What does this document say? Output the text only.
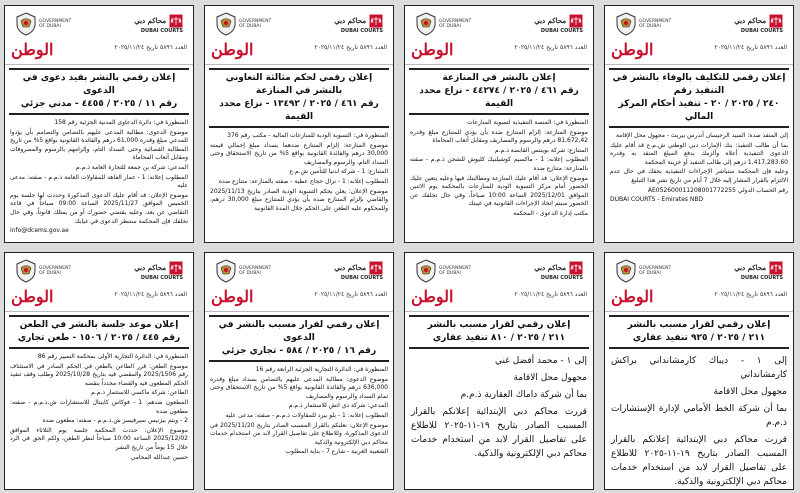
GOVERNMENT OF DUBAI
محاكم دبي
DUBAI COURTS
العدد ٥٨٩٦ تاريخ ٢٠٢٥/١١/٢٤
الوطن
إعلان رقمي للتكليف بالوفاء بالنشر في التنفيذ رقم
٢٤٠ / ٢٠٢٥ / ٢٠ - تنفيذ أحكام المركز المالي

إلى المنفذ ضده: السيد الرجيسان آندرس بيريث - مجهول محل الإقامة

بما أن طالب التنفيذ: بنك الإمارات دبي الوطني ش.م.ع قد أقام عليك الدعوى التنفيذية أعلاه وألزمك بدفع المبلغ المنفذ به وقدره 1,417,283.60 درهم إلى طالب التنفيذ أو خزينة المحكمة

وعليه فإن المحكمة ستباشر الإجراءات التنفيذية بحقك في حال عدم الالتزام بالقرار المشار إليه خلال 7 أيام من تاريخ نشر هذا التبليغ

رقم الحساب الدولي AE052600011208001772255

DUBAI COURTS - Emirates NBD

GOVERNMENT OF DUBAI
محاكم دبي
DUBAI COURTS
العدد ٥٨٩٦ تاريخ ٢٠٢٥/١١/٢٤
الوطن
إعلان بالنشر في المنازعة
رقم ٤٦١ / ٢٠٢٥ / ٤٤٢٧٤ - نزاع محدد القيمة

المنظورة في: المنصة التنفيذية لتسوية المنازعات

موضوع المنازعة: إلزام المتنازع ضده بأن يؤدي للمتنازع مبلغ وقدره 81,672,42 درهم والرسوم والمصاريف ومقابل أتعاب المحاماة

المتنازع: شركة بوينتس القابضة ذ.م.م

المطلوب إعلانه: 1 - ماكسيم كوشيلنيك كليوش للشحن ذ.م.م - صفته بالمنازعة: متنازع ضده

موضوع الإعلان: قد أقام عليك المنازعة ومطالبتك فيها وعليه يتعين عليك الحضور أمام مركز التسوية الودية للمنازعات بالمحكمة يوم الاثنين الموافق 2025/12/01 الساعة 10:00 صباحاً، وفي حال تخلفك عن الحضور سيتم اتخاذ الإجراءات القانونية في غيبتك

مكتب إدارة الدعوى - المحكمة

GOVERNMENT OF DUBAI
محاكم دبي
DUBAI COURTS
العدد ٥٨٩٦ تاريخ ٢٠٢٥/١١/٢٤
الوطن
إعلان رقمي لحكم مثالثة التعاوني بالنشر في المنازعة
رقم ٤٦١ / ٢٠٢٥ / ١٣٤٩٢ - نزاع محدد القيمة

المنظورة في: التسوية الودية للمنازعات المالية - مكتب رقم 376

موضوع المنازعة: إلزام المتنازع ضدهما بسداد مبلغ إجمالي قيمته 30,000 درهم والفائدة القانونية بواقع 5% من تاريخ الاستحقاق وحتى السداد التام، والرسوم والمصاريف

المتنازع: 1 - شركة لدنيا للتأمين ش.م.ع

المطلوب إعلانه: 1 - نزال حجاج عطية - صفته بالمنازعة: متنازع ضده

موضوع الإعلان: يعلن بحكم التسوية الودية الصادر بتاريخ 2025/11/13 والقاضي بإلزام المتنازع ضده بأن يؤدي للمتنازع مبلغ 30,000 درهم، وللمحكوم عليه الطعن على الحكم خلال المدة القانونية

GOVERNMENT OF DUBAI
محاكم دبي
DUBAI COURTS
العدد ٥٨٩٦ تاريخ ٢٠٢٥/١١/٢٤
الوطن
إعلان رقمي بالنشر بقيد دعوى في الدعوى
رقم ١١ / ٢٠٢٥ / ٤٤٥٥ - مدني جزئي

المنظورة في: دائرة الدعاوى المدنية الجزئية رقم 158

موضوع الدعوى: مطالبة المدعى عليهم بالتضامن والتضامم بأن يؤدوا للمدعي مبلغ وقدره 61,000 درهم والفائدة القانونية بواقع 5% من تاريخ المطالبة القضائية وحتى السداد التام، وإلزامهم بالرسوم والمصروفات ومقابل أتعاب المحاماة

المدعي: شركة بن جمعة للتجارة العامة ذ.م.م

المطلوب إعلانه: 1 - عمار الفاهد للمقاولات العامة ذ.م.م - صفته: مدعى عليه

موضوع الإعلان: قد أقام عليك الدعوى المذكورة وحددت لها جلسة يوم الخميس الموافق 2025/11/27 الساعة 09:00 صباحاً في قاعة التقاضي عن بعد، وعليه يقتضي حضورك أو من يمثلك قانوناً، وفي حال تخلفك فإن المحكمة ستنظر الدعوى في غيابك

info@dcems.gov.ae

GOVERNMENT OF DUBAI
محاكم دبي
DUBAI COURTS
العدد ٥٨٩٦ تاريخ ٢٠٢٥/١١/٢٤
الوطن
إعلان رقمي لقرار مسبب بالنشر
٢١١ / ٢٠٢٥ / ٩٢٥ تنفيذ عقاري

إلى ١ - ديباك كارمشانداني براكش كارمشانداني

مجهول محل الاقامة

بما أن شركة الخط الأمامي لإدارة الإستشارات ذ.م.م

قررت محاكم دبي الإبتدائية إعلانكم بالقرار المسبب الصادر بتاريخ ١٩-١١-٢٠٢٥ للاطلاع على تفاصيل القرار لابد من استخدام خدمات محاكم دبي الإلكترونية والذكية.

GOVERNMENT OF DUBAI
محاكم دبي
DUBAI COURTS
العدد ٥٨٩٦ تاريخ ٢٠٢٥/١١/٢٤
الوطن
إعلان رقمي لقرار مسبب بالنشر
٢١١ / ٢٠٢٥ / ٨١٠ تنفيذ عقاري

إلى ١ - محمد أفضل غني

مجهول محل الاقامة

بما أن شركة داماك العقارية ذ.م.م

قررت محاكم دبي الإبتدائية إعلانكم بالقرار المسبب الصادر بتاريخ ١٩-١١-٢٠٢٥ للاطلاع على تفاصيل القرار لابد من استخدام خدمات محاكم دبي الإلكترونية والذكية.

GOVERNMENT OF DUBAI
محاكم دبي
DUBAI COURTS
العدد ٥٨٩٦ تاريخ ٢٠٢٥/١١/٢٤
الوطن
إعلان رقمي لقرار مسبب بالنشر في الدعوى
رقم ١٦ / ٢٠٢٥ / ٥٨٤ - تجاري جزئي

المنظورة في: الدائرة التجارية الجزئية الرابعة رقم 16

موضوع الدعوى: مطالبة المدعى عليهم بالتضامن بسداد مبلغ وقدره 636,000 درهم والفائدة القانونية بواقع 5% من تاريخ الاستحقاق وحتى تمام السداد والرسوم والمصاريف

المدعي: شركة دي اتش للاستثمار ذ.م.م

المطلوب إعلانه: 1 - بلو بيرد للمقاولات ذ.م.م - صفته: مدعى عليه

موضوع الإعلان: نعلنكم بالقرار المسبب الصادر بتاريخ 2025/11/20 في الدعوى المذكورة، وللاطلاع على تفاصيل القرار لابد من استخدام خدمات محاكم دبي الإلكترونية والذكية

الشعبية الغربية - شارع 7 - بناية المطلوب

GOVERNMENT OF DUBAI
محاكم دبي
DUBAI COURTS
العدد ٥٨٩٦ تاريخ ٢٠٢٥/١١/٢٤
الوطن
إعلان موعد جلسة بالنشر في الطعن
رقم ٤٤٥ / ٢٠٢٥ / ١٥٠٦ - طعن تجاري

المنظورة في: الدائرة التجارية الأولى بمحكمة التمييز رقم 86

موضوع الطعن: قرر الطاعن بالطعن في الحكم الصادر في الاستئناف رقم 2025/1506 والمقضي فيه بتاريخ 2025/10/28 وطلب وقف تنفيذ الحكم المطعون فيه والقضاء مجدداً بنقضه

الطاعن: شركة ماكسي للاستثمار ذ.م.م

المطعون ضدهم: 1 - فوكاس كابيتال للاستشارات ش.ذ.م.م - صفته: مطعون ضده

2 - ويتم بيزنيس سيرفيسز ش.ذ.م.م - صفته: مطعون ضده

موضوع الإعلان: حددت المحكمة جلسة يوم الثلاثاء الموافق 2025/12/02 الساعة 10:00 صباحاً لنظر الطعن، ولكم الحق في الرد خلال 15 يوماً من تاريخ النشر

حسين عبدالله المحامي
